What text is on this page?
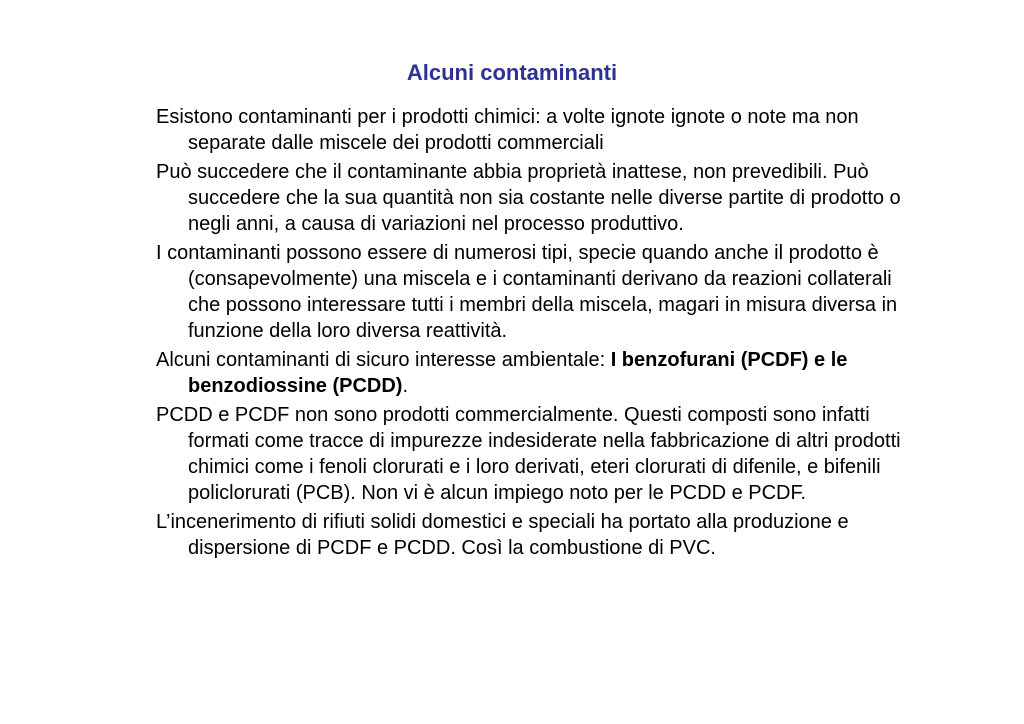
Alcuni contaminanti

Esistono contaminanti per i prodotti chimici: a volte ignote ignote o note ma non separate dalle miscele dei prodotti commerciali

Può succedere che il contaminante abbia proprietà inattese, non prevedibili. Può succedere che la sua quantità non sia costante nelle diverse partite di prodotto o negli anni, a causa di variazioni nel processo produttivo.

I contaminanti possono essere di numerosi tipi, specie quando anche il prodotto è (consapevolmente) una miscela e i contaminanti derivano da reazioni collaterali che possono interessare tutti i membri della miscela, magari in misura diversa in funzione della loro diversa reattività.

Alcuni contaminanti di sicuro interesse ambientale: I benzofurani (PCDF) e le benzodiossine (PCDD).

PCDD e PCDF non sono prodotti commercialmente. Questi composti sono infatti formati come tracce di impurezze indesiderate nella fabbricazione di altri prodotti chimici come i fenoli clorurati e i loro derivati, eteri clorurati di difenile, e bifenili policlorurati (PCB). Non vi è alcun impiego noto per le PCDD e PCDF.

L’incenerimento di rifiuti solidi domestici e speciali ha portato alla produzione e dispersione di PCDF e PCDD. Così la combustione di PVC.
